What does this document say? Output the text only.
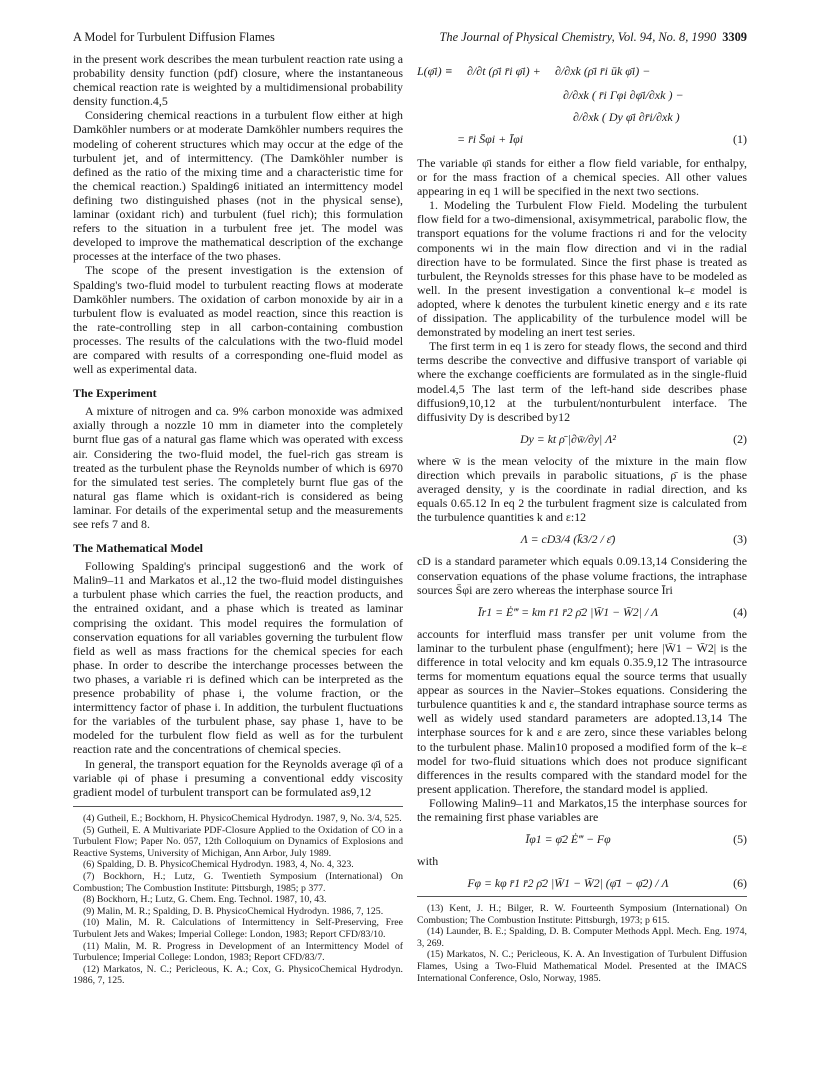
A Model for Turbulent Diffusion Flames	The Journal of Physical Chemistry, Vol. 94, No. 8, 1990 3309

in the present work describes the mean turbulent reaction rate using a probability density function (pdf) closure, where the instantaneous chemical reaction rate is weighted by a multidimensional probability density function.4,5

Considering chemical reactions in a turbulent flow either at high Damköhler numbers or at moderate Damköhler numbers requires the modeling of coherent structures which may occur at the edge of the turbulent jet, and of intermittency. (The Damköhler number is defined as the ratio of the mixing time and a characteristic time for the chemical reaction.) Spalding6 initiated an intermittency model defining two distinguished phases (not in the physical sense), laminar (oxidant rich) and turbulent (fuel rich); this formulation refers to the situation in a turbulent free jet. The model was developed to improve the mathematical description of the exchange processes at the interface of the two phases.

The scope of the present investigation is the extension of Spalding's two-fluid model to turbulent reacting flows at moderate Damköhler numbers. The oxidation of carbon monoxide by air in a turbulent flow is evaluated as model reaction, since this reaction is the rate-controlling step in all carbon-containing combustion processes. The results of the calculations with the two-fluid model are compared with results of a corresponding one-fluid model as well as experimental data.

The Experiment

A mixture of nitrogen and ca. 9% carbon monoxide was admixed axially through a nozzle 10 mm in diameter into the completely burnt flue gas of a natural gas flame which was operated with excess air. Considering the two-fluid model, the fuel-rich gas stream is treated as the turbulent phase the Reynolds number of which is 6970 for the simulated test series. The completely burnt flue gas of the natural gas flame which is oxidant-rich is considered as being laminar. For details of the experimental setup and the measurements see refs 7 and 8.

The Mathematical Model

Following Spalding's principal suggestion6 and the work of Malin9–11 and Markatos et al.,12 the two-fluid model distinguishes a turbulent phase which carries the fuel, the reaction products, and the entrained oxidant, and a phase which is treated as laminar comprising the oxidant. This model requires the formulation of conservation equations for all variables governing the turbulent flow field as well as mass fractions for the chemical species for each phase. In order to describe the interchange processes between the two phases, a variable ri is defined which can be interpreted as the presence probability of phase i, the volume fraction, or the intermittency factor of phase i. In addition, the turbulent fluctuations for the variables of the turbulent phase, say phase 1, have to be modeled for the turbulent flow field as well as for the turbulent reaction rate and the concentrations of chemical species.

In general, the transport equation for the Reynolds average φ̄i of a variable φi of phase i presuming a conventional eddy viscosity gradient model of turbulent transport can be formulated as9,12

(4) Gutheil, E.; Bockhorn, H. PhysicoChemical Hydrodyn. 1987, 9, No. 3/4, 525.
(5) Gutheil, E. A Multivariate PDF-Closure Applied to the Oxidation of CO in a Turbulent Flow; Paper No. 057, 12th Colloquium on Dynamics of Explosions and Reactive Systems, University of Michigan, Ann Arbor, July 1989.
(6) Spalding, D. B. PhysicoChemical Hydrodyn. 1983, 4, No. 4, 323.
(7) Bockhorn, H.; Lutz, G. Twentieth Symposium (International) On Combustion; The Combustion Institute: Pittsburgh, 1985; p 377.
(8) Bockhorn, H.; Lutz, G. Chem. Eng. Technol. 1987, 10, 43.
(9) Malin, M. R.; Spalding, D. B. PhysicoChemical Hydrodyn. 1986, 7, 125.
(10) Malin, M. R. Calculations of Intermittency in Self-Preserving, Free Turbulent Jets and Wakes; Imperial College: London, 1983; Report CFD/83/10.
(11) Malin, M. R. Progress in Development of an Intermittency Model of Turbulence; Imperial College: London, 1983; Report CFD/83/7.
(12) Markatos, N. C.; Pericleous, K. A.; Cox, G. PhysicoChemical Hydrodyn. 1986, 7, 125.
L(φ̄i) ≡ ∂/∂t (ρ̄i r̄i φ̄i) + ∂/∂xk (ρ̄i r̄i ūk φ̄i) −
∂/∂xk ( r̄i Γφi ∂φ̄i/∂xk ) −
∂/∂xk ( Dy φ̄i ∂r̄i/∂xk )
= r̄i S̄φi + Īφi	(1)

The variable φ̄i stands for either a flow field variable, for enthalpy, or for the mass fraction of a chemical species. All other values appearing in eq 1 will be specified in the next two sections.

1. Modeling the Turbulent Flow Field. Modeling the turbulent flow field for a two-dimensional, axisymmetrical, parabolic flow, the transport equations for the volume fractions ri and for the velocity components wi in the main flow direction and vi in the radial direction have to be formulated. Since the first phase is treated as turbulent, the Reynolds stresses for this phase have to be modeled as well. In the present investigation a conventional k–ε model is adopted, where k denotes the turbulent kinetic energy and ε its rate of dissipation. The applicability of the turbulence model will be demonstrated by modeling an inert test series.

The first term in eq 1 is zero for steady flows, the second and third terms describe the convective and diffusive transport of variable φi where the exchange coefficients are formulated as in the single-fluid model.4,5 The last term of the left-hand side describes phase diffusion9,10,12 at the turbulent/nonturbulent interface. The diffusivity Dy is described by12

Dy = kt ρ̄ |∂w̄/∂y| Λ²	(2)

where w̄ is the mean velocity of the mixture in the main flow direction which prevails in parabolic situations, ρ̄ is the phase averaged density, y is the coordinate in radial direction, and ks equals 0.65.12 In eq 2 the turbulent fragment size is calculated from the turbulence quantities k and ε:12

Λ = cD3/4 (k̄3/2 / ε̄)	(3)

cD is a standard parameter which equals 0.09.13,14 Considering the conservation equations of the phase volume fractions, the intraphase sources S̄φi are zero whereas the interphase source Īri

Īr1 = Ė‴ = km r̄1 r̄2 ρ̄2 |W̄1 − W̄2| / Λ	(4)

accounts for interfluid mass transfer per unit volume from the laminar to the turbulent phase (engulfment); here |W̄1 − W̄2| is the difference in total velocity and km equals 0.35.9,12 The intrasource terms for momentum equations equal the source terms that usually appear as sources in the Navier–Stokes equations. Considering the turbulence quantities k and ε, the standard intraphase source terms as well as widely used standard parameters are adopted.13,14 The interphase sources for k and ε are zero, since these variables belong to the turbulent phase. Malin10 proposed a modified form of the k–ε model for two-fluid situations which does not produce significant differences in the results compared with the standard model for the present application. Therefore, the standard model is applied.

Following Malin9–11 and Markatos,15 the interphase sources for the remaining first phase variables are

Īφ1 = φ̄2 Ė‴ − Fφ	(5)

with

Fφ = kφ r̄1 r̄2 ρ̄2 |W̄1 − W̄2| (φ̄1 − φ̄2) / Λ	(6)
(13) Kent, J. H.; Bilger, R. W. Fourteenth Symposium (International) On Combustion; The Combustion Institute: Pittsburgh, 1973; p 615.
(14) Launder, B. E.; Spalding, D. B. Computer Methods Appl. Mech. Eng. 1974, 3, 269.
(15) Markatos, N. C.; Pericleous, K. A. An Investigation of Turbulent Diffusion Flames, Using a Two-Fluid Mathematical Model. Presented at the IMACS International Conference, Oslo, Norway, 1985.
